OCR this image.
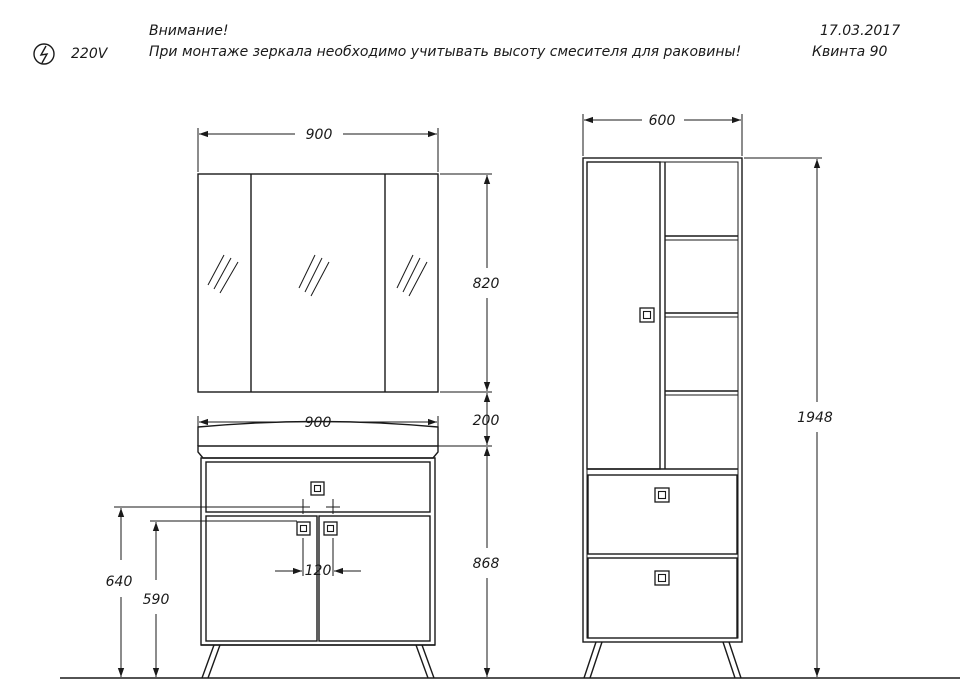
Внимание!
При монтаже зеркала необходимо учитывать высоту смесителя для раковины!
17.03.2017
Квинта 90
220V
900
820
200
900
868
640
590
120
600
1948
